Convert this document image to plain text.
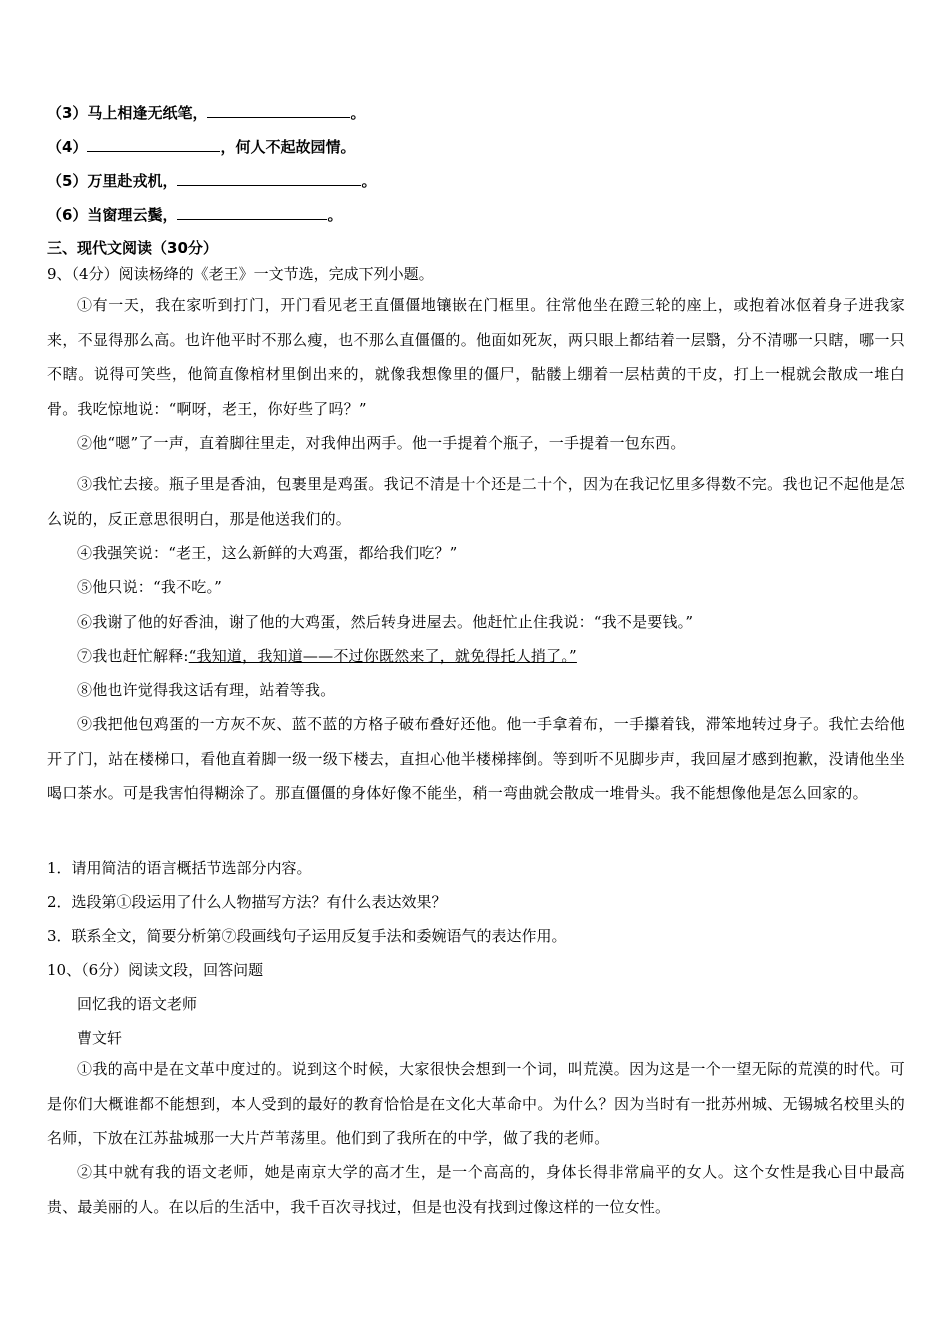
（3）马上相逢无纸笔，	。
（4）	，何人不起故园情。
（5）万里赴戎机，	。
（6）当窗理云鬓，	。
三、现代文阅读（30分）
9、（4分）阅读杨绛的《老王》一文节选，完成下列小题。
①有一天，我在家听到打门，开门看见老王直僵僵地镶嵌在门框里。往常他坐在蹬三轮的座上，或抱着冰伛着身子进我家来，不显得那么高。也许他平时不那么瘦，也不那么直僵僵的。他面如死灰，两只眼上都结着一层翳，分不清哪一只瞎，哪一只不瞎。说得可笑些，他简直像棺材里倒出来的，就像我想像里的僵尸，骷髅上绷着一层枯黄的干皮，打上一棍就会散成一堆白骨。我吃惊地说：“啊呀，老王，你好些了吗？”
②他“嗯”了一声，直着脚往里走，对我伸出两手。他一手提着个瓶子，一手提着一包东西。
③我忙去接。瓶子里是香油，包裹里是鸡蛋。我记不清是十个还是二十个，因为在我记忆里多得数不完。我也记不起他是怎么说的，反正意思很明白，那是他送我们的。
④我强笑说：“老王，这么新鲜的大鸡蛋，都给我们吃？”
⑤他只说：“我不吃。”
⑥我谢了他的好香油，谢了他的大鸡蛋，然后转身进屋去。他赶忙止住我说：“我不是要钱。”
⑦我也赶忙解释:“我知道，我知道——不过你既然来了，就免得托人捎了。”
⑧他也许觉得我这话有理，站着等我。
⑨我把他包鸡蛋的一方灰不灰、蓝不蓝的方格子破布叠好还他。他一手拿着布，一手攥着钱，滞笨地转过身子。我忙去给他开了门，站在楼梯口，看他直着脚一级一级下楼去，直担心他半楼梯摔倒。等到听不见脚步声，我回屋才感到抱歉，没请他坐坐喝口茶水。可是我害怕得糊涂了。那直僵僵的身体好像不能坐，稍一弯曲就会散成一堆骨头。我不能想像他是怎么回家的。
1．请用简洁的语言概括节选部分内容。
2．选段第①段运用了什么人物描写方法？有什么表达效果？
3．联系全文，简要分析第⑦段画线句子运用反复手法和委婉语气的表达作用。
10、（6分）阅读文段，回答问题
回忆我的语文老师
曹文轩
①我的高中是在文革中度过的。说到这个时候，大家很快会想到一个词，叫荒漠。因为这是一个一望无际的荒漠的时代。可是你们大概谁都不能想到，本人受到的最好的教育恰恰是在文化大革命中。为什么？因为当时有一批苏州城、无锡城名校里头的名师，下放在江苏盐城那一大片芦苇荡里。他们到了我所在的中学，做了我的老师。
②其中就有我的语文老师，她是南京大学的高才生，是一个高高的，身体长得非常扁平的女人。这个女性是我心目中最高贵、最美丽的人。在以后的生活中，我千百次寻找过，但是也没有找到过像这样的一位女性。
